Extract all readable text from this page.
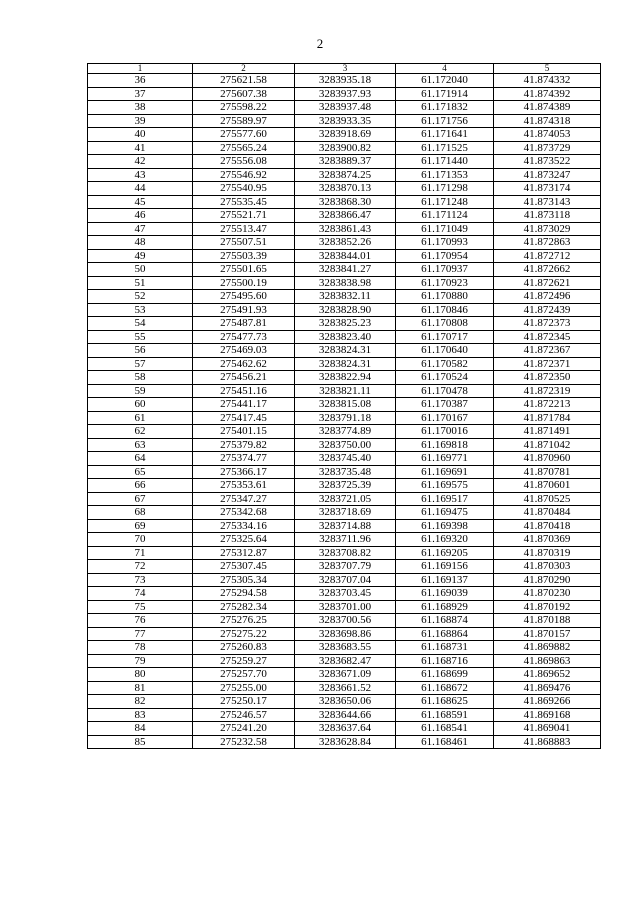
2
1	2	3	4	5
36	275621.58	3283935.18	61.172040	41.874332
37	275607.38	3283937.93	61.171914	41.874392
38	275598.22	3283937.48	61.171832	41.874389
39	275589.97	3283933.35	61.171756	41.874318
40	275577.60	3283918.69	61.171641	41.874053
41	275565.24	3283900.82	61.171525	41.873729
42	275556.08	3283889.37	61.171440	41.873522
43	275546.92	3283874.25	61.171353	41.873247
44	275540.95	3283870.13	61.171298	41.873174
45	275535.45	3283868.30	61.171248	41.873143
46	275521.71	3283866.47	61.171124	41.873118
47	275513.47	3283861.43	61.171049	41.873029
48	275507.51	3283852.26	61.170993	41.872863
49	275503.39	3283844.01	61.170954	41.872712
50	275501.65	3283841.27	61.170937	41.872662
51	275500.19	3283838.98	61.170923	41.872621
52	275495.60	3283832.11	61.170880	41.872496
53	275491.93	3283828.90	61.170846	41.872439
54	275487.81	3283825.23	61.170808	41.872373
55	275477.73	3283823.40	61.170717	41.872345
56	275469.03	3283824.31	61.170640	41.872367
57	275462.62	3283824.31	61.170582	41.872371
58	275456.21	3283822.94	61.170524	41.872350
59	275451.16	3283821.11	61.170478	41.872319
60	275441.17	3283815.08	61.170387	41.872213
61	275417.45	3283791.18	61.170167	41.871784
62	275401.15	3283774.89	61.170016	41.871491
63	275379.82	3283750.00	61.169818	41.871042
64	275374.77	3283745.40	61.169771	41.870960
65	275366.17	3283735.48	61.169691	41.870781
66	275353.61	3283725.39	61.169575	41.870601
67	275347.27	3283721.05	61.169517	41.870525
68	275342.68	3283718.69	61.169475	41.870484
69	275334.16	3283714.88	61.169398	41.870418
70	275325.64	3283711.96	61.169320	41.870369
71	275312.87	3283708.82	61.169205	41.870319
72	275307.45	3283707.79	61.169156	41.870303
73	275305.34	3283707.04	61.169137	41.870290
74	275294.58	3283703.45	61.169039	41.870230
75	275282.34	3283701.00	61.168929	41.870192
76	275276.25	3283700.56	61.168874	41.870188
77	275275.22	3283698.86	61.168864	41.870157
78	275260.83	3283683.55	61.168731	41.869882
79	275259.27	3283682.47	61.168716	41.869863
80	275257.70	3283671.09	61.168699	41.869652
81	275255.00	3283661.52	61.168672	41.869476
82	275250.17	3283650.06	61.168625	41.869266
83	275246.57	3283644.66	61.168591	41.869168
84	275241.20	3283637.64	61.168541	41.869041
85	275232.58	3283628.84	61.168461	41.868883
